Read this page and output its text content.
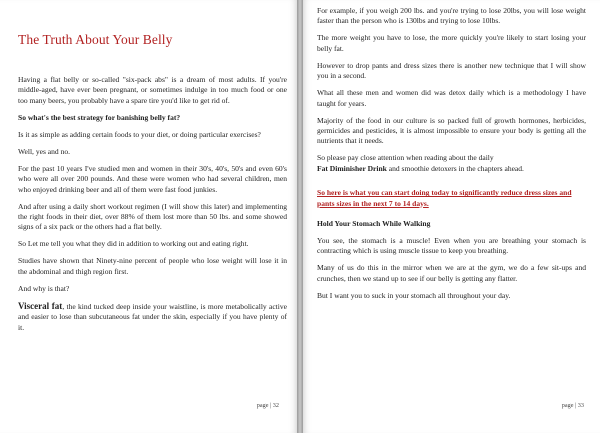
The Truth About Your Belly

Having a flat belly or so-called "six-pack abs" is a dream of most adults. If you're middle-aged, have ever been pregnant, or sometimes indulge in too much food or one too many beers, you probably have a spare tire you'd like to get rid of.

So what's the best strategy for banishing belly fat?

Is it as simple as adding certain foods to your diet, or doing particular exercises?

Well, yes and no.

For the past 10 years I've studied men and women in their 30's, 40's, 50's and even 60's who were all over 200 pounds. And these were women who had several children, men who enjoyed drinking beer and all of them were fast food junkies.

And after using a daily short workout regimen (I will show this later) and implementing the right foods in their diet, over 88% of them lost more than 50 lbs. and some showed signs of a six pack or the others had a flat belly.

So Let me tell you what they did in addition to working out and eating right.

Studies have shown that Ninety-nine percent of people who lose weight will lose it in the abdominal and thigh region first.

And why is that?

Visceral fat, the kind tucked deep inside your waistline, is more metabolically active and easier to lose than subcutaneous fat under the skin, especially if you have plenty of it.

page | 32

For example, if you weigh 200 lbs. and you're trying to lose 20lbs, you will lose weight faster than the person who is 130lbs and trying to lose 10lbs.

The more weight you have to lose, the more quickly you're likely to start losing your belly fat.

However to drop pants and dress sizes there is another new technique that I will show you in a second.

What all these men and women did was detox daily which is a methodology I have taught for years.

Majority of the food in our culture is so packed full of growth hormones, herbicides, germicides and pesticides, it is almost impossible to ensure your body is getting all the nutrients that it needs.

So please pay close attention when reading about the daily
Fat Diminisher Drink and smoothie detoxers in the chapters ahead.

So here is what you can start doing today to significantly reduce dress sizes and pants sizes in the next 7 to 14 days.

Hold Your Stomach While Walking

You see, the stomach is a muscle! Even when you are breathing your stomach is contracting which is using muscle tissue to keep you breathing.

Many of us do this in the mirror when we are at the gym, we do a few sit-ups and crunches, then we stand up to see if our belly is getting any flatter.

But I want you to suck in your stomach all throughout your day.

page | 33
